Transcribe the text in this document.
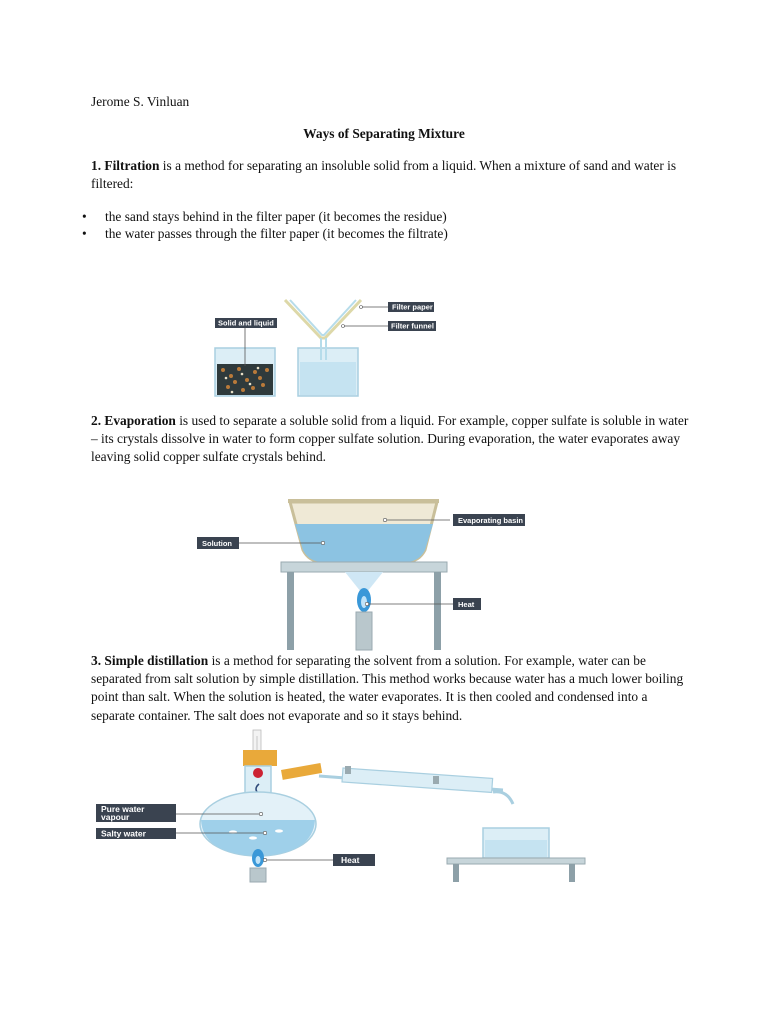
Jerome S. Vinluan
Ways of Separating Mixture
1. Filtration is a method for separating an insoluble solid from a liquid. When a mixture of sand and water is filtered:
• the sand stays behind in the filter paper (it becomes the residue)
• the water passes through the filter paper (it becomes the filtrate)
Solid and liquid
Filter paper
Filter funnel
2. Evaporation is used to separate a soluble solid from a liquid. For example, copper sulfate is soluble in water – its crystals dissolve in water to form copper sulfate solution. During evaporation, the water evaporates away leaving solid copper sulfate crystals behind.
Evaporating basin
Solution
Heat
3. Simple distillation is a method for separating the solvent from a solution. For example, water can be separated from salt solution by simple distillation. This method works because water has a much lower boiling point than salt. When the solution is heated, the water evaporates. It is then cooled and condensed into a separate container. The salt does not evaporate and so it stays behind.
Pure water
vapour
Salty water
Heat
